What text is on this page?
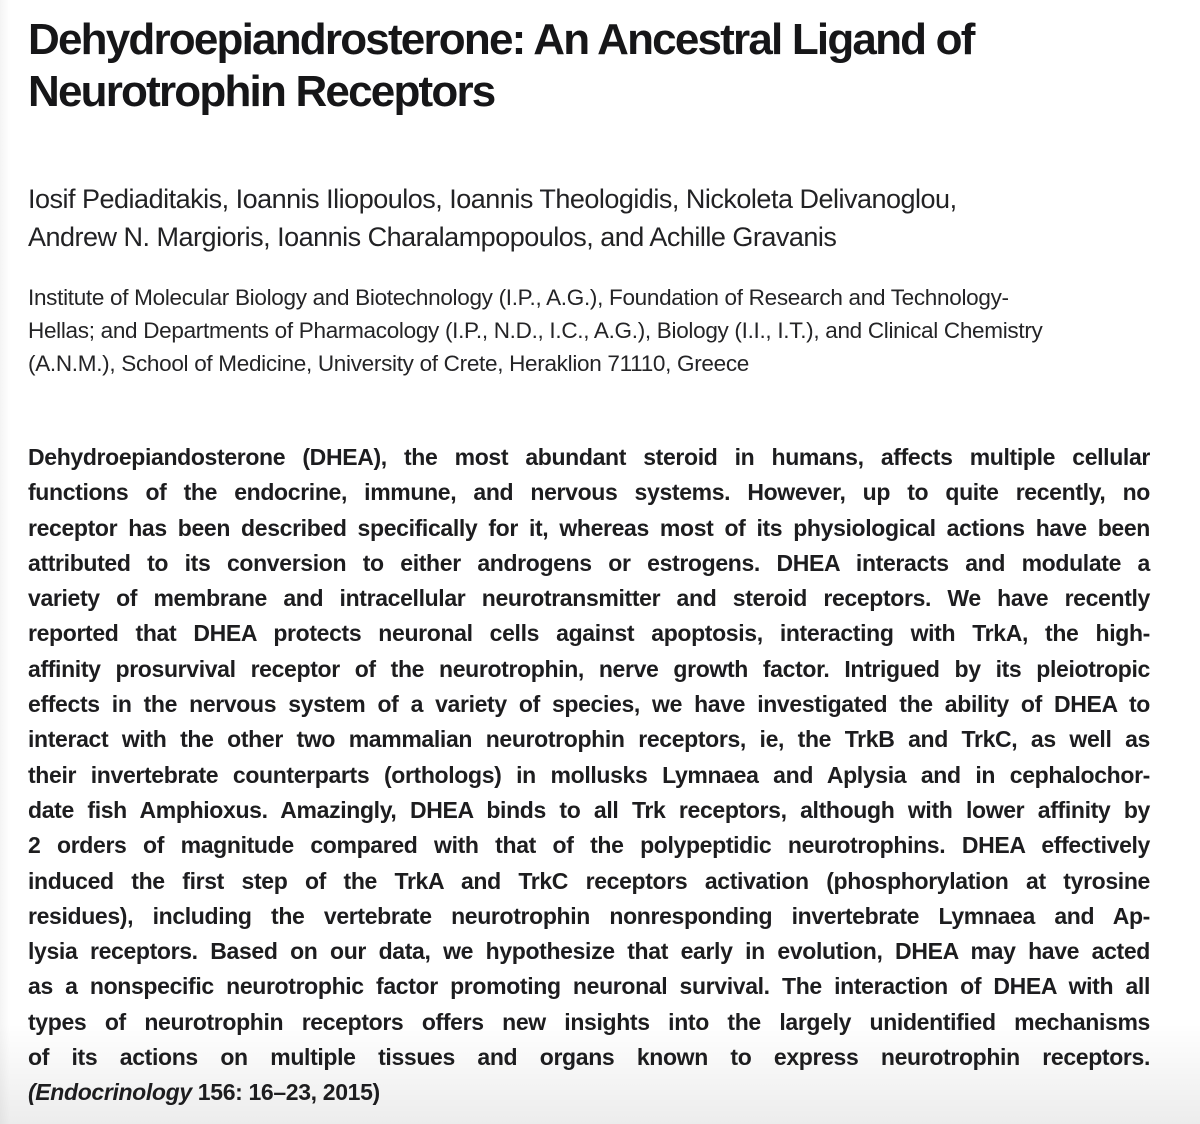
Dehydroepiandrosterone: An Ancestral Ligand of
Neurotrophin Receptors
Iosif Pediaditakis, Ioannis Iliopoulos, Ioannis Theologidis, Nickoleta Delivanoglou,
Andrew N. Margioris, Ioannis Charalampopoulos, and Achille Gravanis
Institute of Molecular Biology and Biotechnology (I.P., A.G.), Foundation of Research and Technology-
Hellas; and Departments of Pharmacology (I.P., N.D., I.C., A.G.), Biology (I.I., I.T.), and Clinical Chemistry
(A.N.M.), School of Medicine, University of Crete, Heraklion 71110, Greece
Dehydroepiandosterone (DHEA), the most abundant steroid in humans, affects multiple cellular
functions of the endocrine, immune, and nervous systems. However, up to quite recently, no
receptor has been described specifically for it, whereas most of its physiological actions have been
attributed to its conversion to either androgens or estrogens. DHEA interacts and modulate a
variety of membrane and intracellular neurotransmitter and steroid receptors. We have recently
reported that DHEA protects neuronal cells against apoptosis, interacting with TrkA, the high-
affinity prosurvival receptor of the neurotrophin, nerve growth factor. Intrigued by its pleiotropic
effects in the nervous system of a variety of species, we have investigated the ability of DHEA to
interact with the other two mammalian neurotrophin receptors, ie, the TrkB and TrkC, as well as
their invertebrate counterparts (orthologs) in mollusks Lymnaea and Aplysia and in cephalochor-
date fish Amphioxus. Amazingly, DHEA binds to all Trk receptors, although with lower affinity by
2 orders of magnitude compared with that of the polypeptidic neurotrophins. DHEA effectively
induced the first step of the TrkA and TrkC receptors activation (phosphorylation at tyrosine
residues), including the vertebrate neurotrophin nonresponding invertebrate Lymnaea and Ap-
lysia receptors. Based on our data, we hypothesize that early in evolution, DHEA may have acted
as a nonspecific neurotrophic factor promoting neuronal survival. The interaction of DHEA with all
types of neurotrophin receptors offers new insights into the largely unidentified mechanisms
of its actions on multiple tissues and organs known to express neurotrophin receptors.
(Endocrinology 156: 16–23, 2015)
